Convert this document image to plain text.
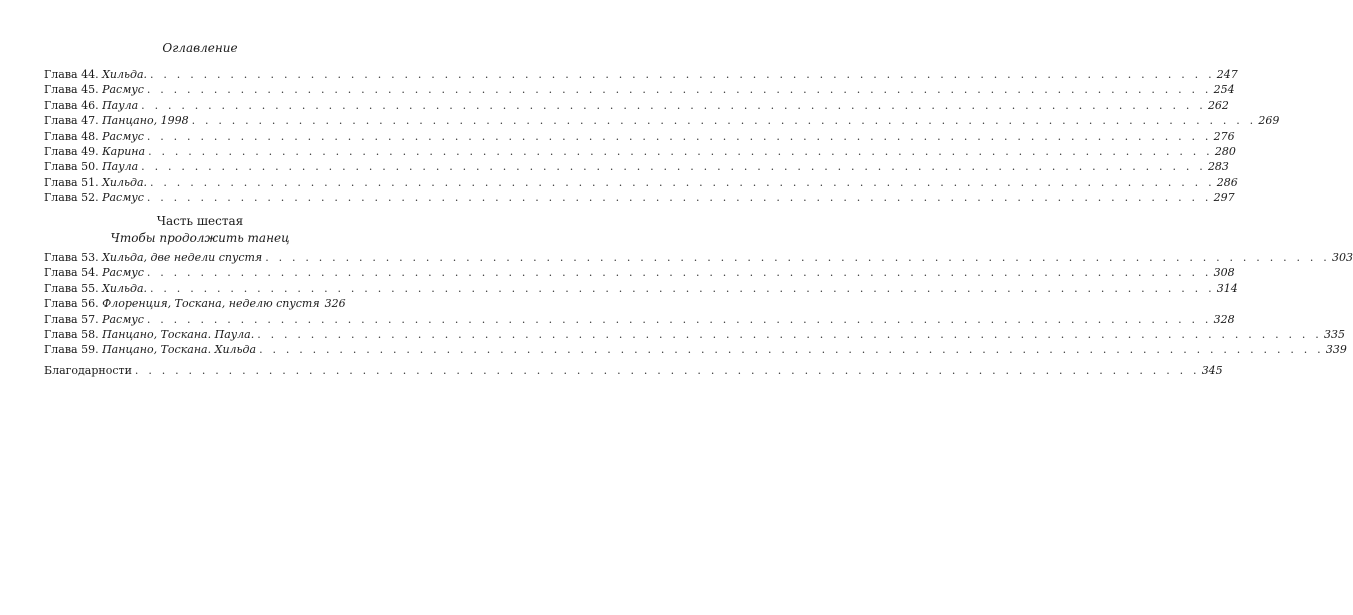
Оглавление
Глава 44.
Хильда. . . . . . . . . . . . . . . . . . . . . . . . . . . . . . . . . . . . . . . . . . . . . . . . . . . . . . . . . . . . . . . . . . . . . . . . . . . . . . . . . 247
Глава 45.
Расмус . . . . . . . . . . . . . . . . . . . . . . . . . . . . . . . . . . . . . . . . . . . . . . . . . . . . . . . . . . . . . . . . . . . . . . . . . . . . . . . . 254
Глава 46.
Паула . . . . . . . . . . . . . . . . . . . . . . . . . . . . . . . . . . . . . . . . . . . . . . . . . . . . . . . . . . . . . . . . . . . . . . . . . . . . . . . . 262
Глава 47.
Панцано, 1998 . . . . . . . . . . . . . . . . . . . . . . . . . . . . . . . . . . . . . . . . . . . . . . . . . . . . . . . . . . . . . . . . . . . . . . . . . . . . . . . . 269
Глава 48.
Расмус . . . . . . . . . . . . . . . . . . . . . . . . . . . . . . . . . . . . . . . . . . . . . . . . . . . . . . . . . . . . . . . . . . . . . . . . . . . . . . . . 276
Глава 49.
Карина . . . . . . . . . . . . . . . . . . . . . . . . . . . . . . . . . . . . . . . . . . . . . . . . . . . . . . . . . . . . . . . . . . . . . . . . . . . . . . . . 280
Глава 50.
Паула . . . . . . . . . . . . . . . . . . . . . . . . . . . . . . . . . . . . . . . . . . . . . . . . . . . . . . . . . . . . . . . . . . . . . . . . . . . . . . . . 283
Глава 51.
Хильда. . . . . . . . . . . . . . . . . . . . . . . . . . . . . . . . . . . . . . . . . . . . . . . . . . . . . . . . . . . . . . . . . . . . . . . . . . . . . . . . . 286
Глава 52.
Расмус . . . . . . . . . . . . . . . . . . . . . . . . . . . . . . . . . . . . . . . . . . . . . . . . . . . . . . . . . . . . . . . . . . . . . . . . . . . . . . . . 297
Часть шестая
Чтобы продолжить танец
Глава 53.
Хильда, две недели спустя . . . . . . . . . . . . . . . . . . . . . . . . . . . . . . . . . . . . . . . . . . . . . . . . . . . . . . . . . . . . . . . . . . . . . . . . . . . . . . . . 303
Глава 54.
Расмус . . . . . . . . . . . . . . . . . . . . . . . . . . . . . . . . . . . . . . . . . . . . . . . . . . . . . . . . . . . . . . . . . . . . . . . . . . . . . . . . 308
Глава 55.
Хильда. . . . . . . . . . . . . . . . . . . . . . . . . . . . . . . . . . . . . . . . . . . . . . . . . . . . . . . . . . . . . . . . . . . . . . . . . . . . . . . . . 314
Глава 56.
Флоренция, Тоскана, неделю спустя 326
Глава 57.
Расмус . . . . . . . . . . . . . . . . . . . . . . . . . . . . . . . . . . . . . . . . . . . . . . . . . . . . . . . . . . . . . . . . . . . . . . . . . . . . . . . . 328
Глава 58.
Панцано, Тоскана. Паула. . . . . . . . . . . . . . . . . . . . . . . . . . . . . . . . . . . . . . . . . . . . . . . . . . . . . . . . . . . . . . . . . . . . . . . . . . . . . . . . . 335
Глава 59.
Панцано, Тоскана. Хильда . . . . . . . . . . . . . . . . . . . . . . . . . . . . . . . . . . . . . . . . . . . . . . . . . . . . . . . . . . . . . . . . . . . . . . . . . . . . . . . . 339
Благодарности . . . . . . . . . . . . . . . . . . . . . . . . . . . . . . . . . . . . . . . . . . . . . . . . . . . . . . . . . . . . . . . . . . . . . . . . . . . . . . . . 345
